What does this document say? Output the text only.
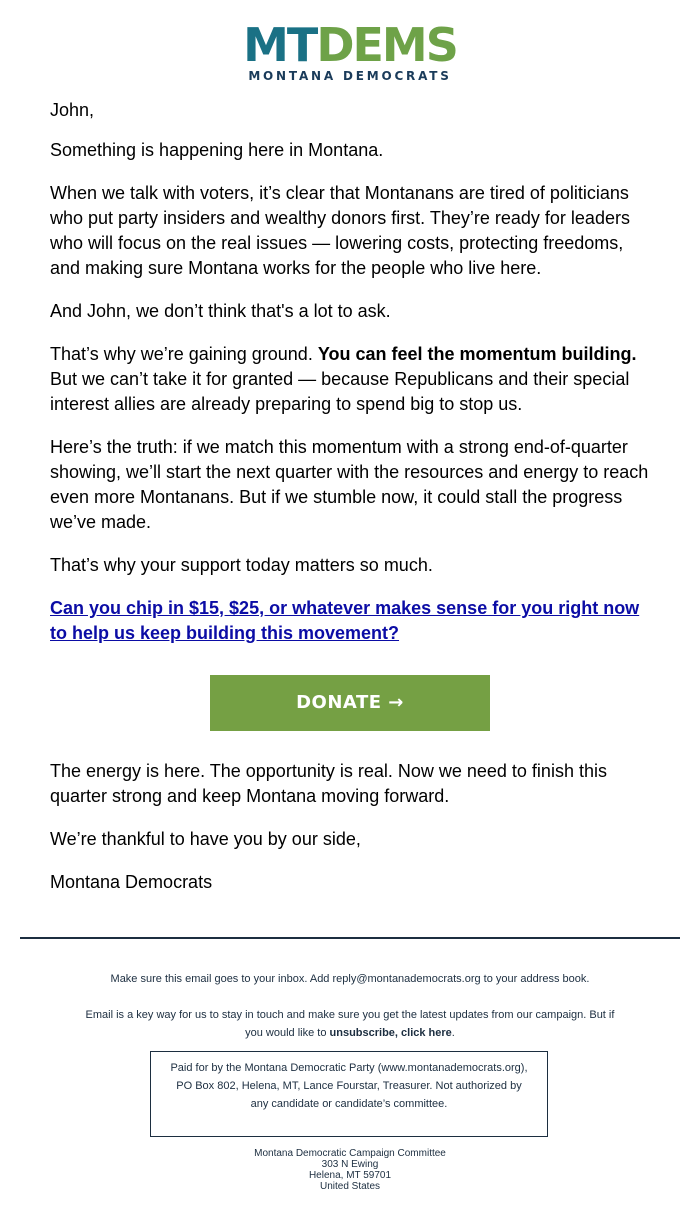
MTDEMS
MONTANA DEMOCRATS

John,

Something is happening here in Montana.

When we talk with voters, it’s clear that Montanans are tired of politicians who put party insiders and wealthy donors first. They’re ready for leaders who will focus on the real issues — lowering costs, protecting freedoms, and making sure Montana works for the people who live here.

And John, we don’t think that's a lot to ask.

That’s why we’re gaining ground. You can feel the momentum building. But we can’t take it for granted — because Republicans and their special interest allies are already preparing to spend big to stop us.

Here’s the truth: if we match this momentum with a strong end-of-quarter showing, we’ll start the next quarter with the resources and energy to reach even more Montanans. But if we stumble now, it could stall the progress we’ve made.

That’s why your support today matters so much.

Can you chip in $15, $25, or whatever makes sense for you right now to help us keep building this movement?

DONATE →

The energy is here. The opportunity is real. Now we need to finish this quarter strong and keep Montana moving forward.

We’re thankful to have you by our side,

Montana Democrats

Make sure this email goes to your inbox. Add reply@montanademocrats.org to your address book.
Email is a key way for us to stay in touch and make sure you get the latest updates from our campaign. But if you would like to unsubscribe, click here.
Paid for by the Montana Democratic Party (www.montanademocrats.org), PO Box 802, Helena, MT, Lance Fourstar, Treasurer. Not authorized by any candidate or candidate’s committee.
Montana Democratic Campaign Committee
303 N Ewing
Helena, MT 59701
United States
